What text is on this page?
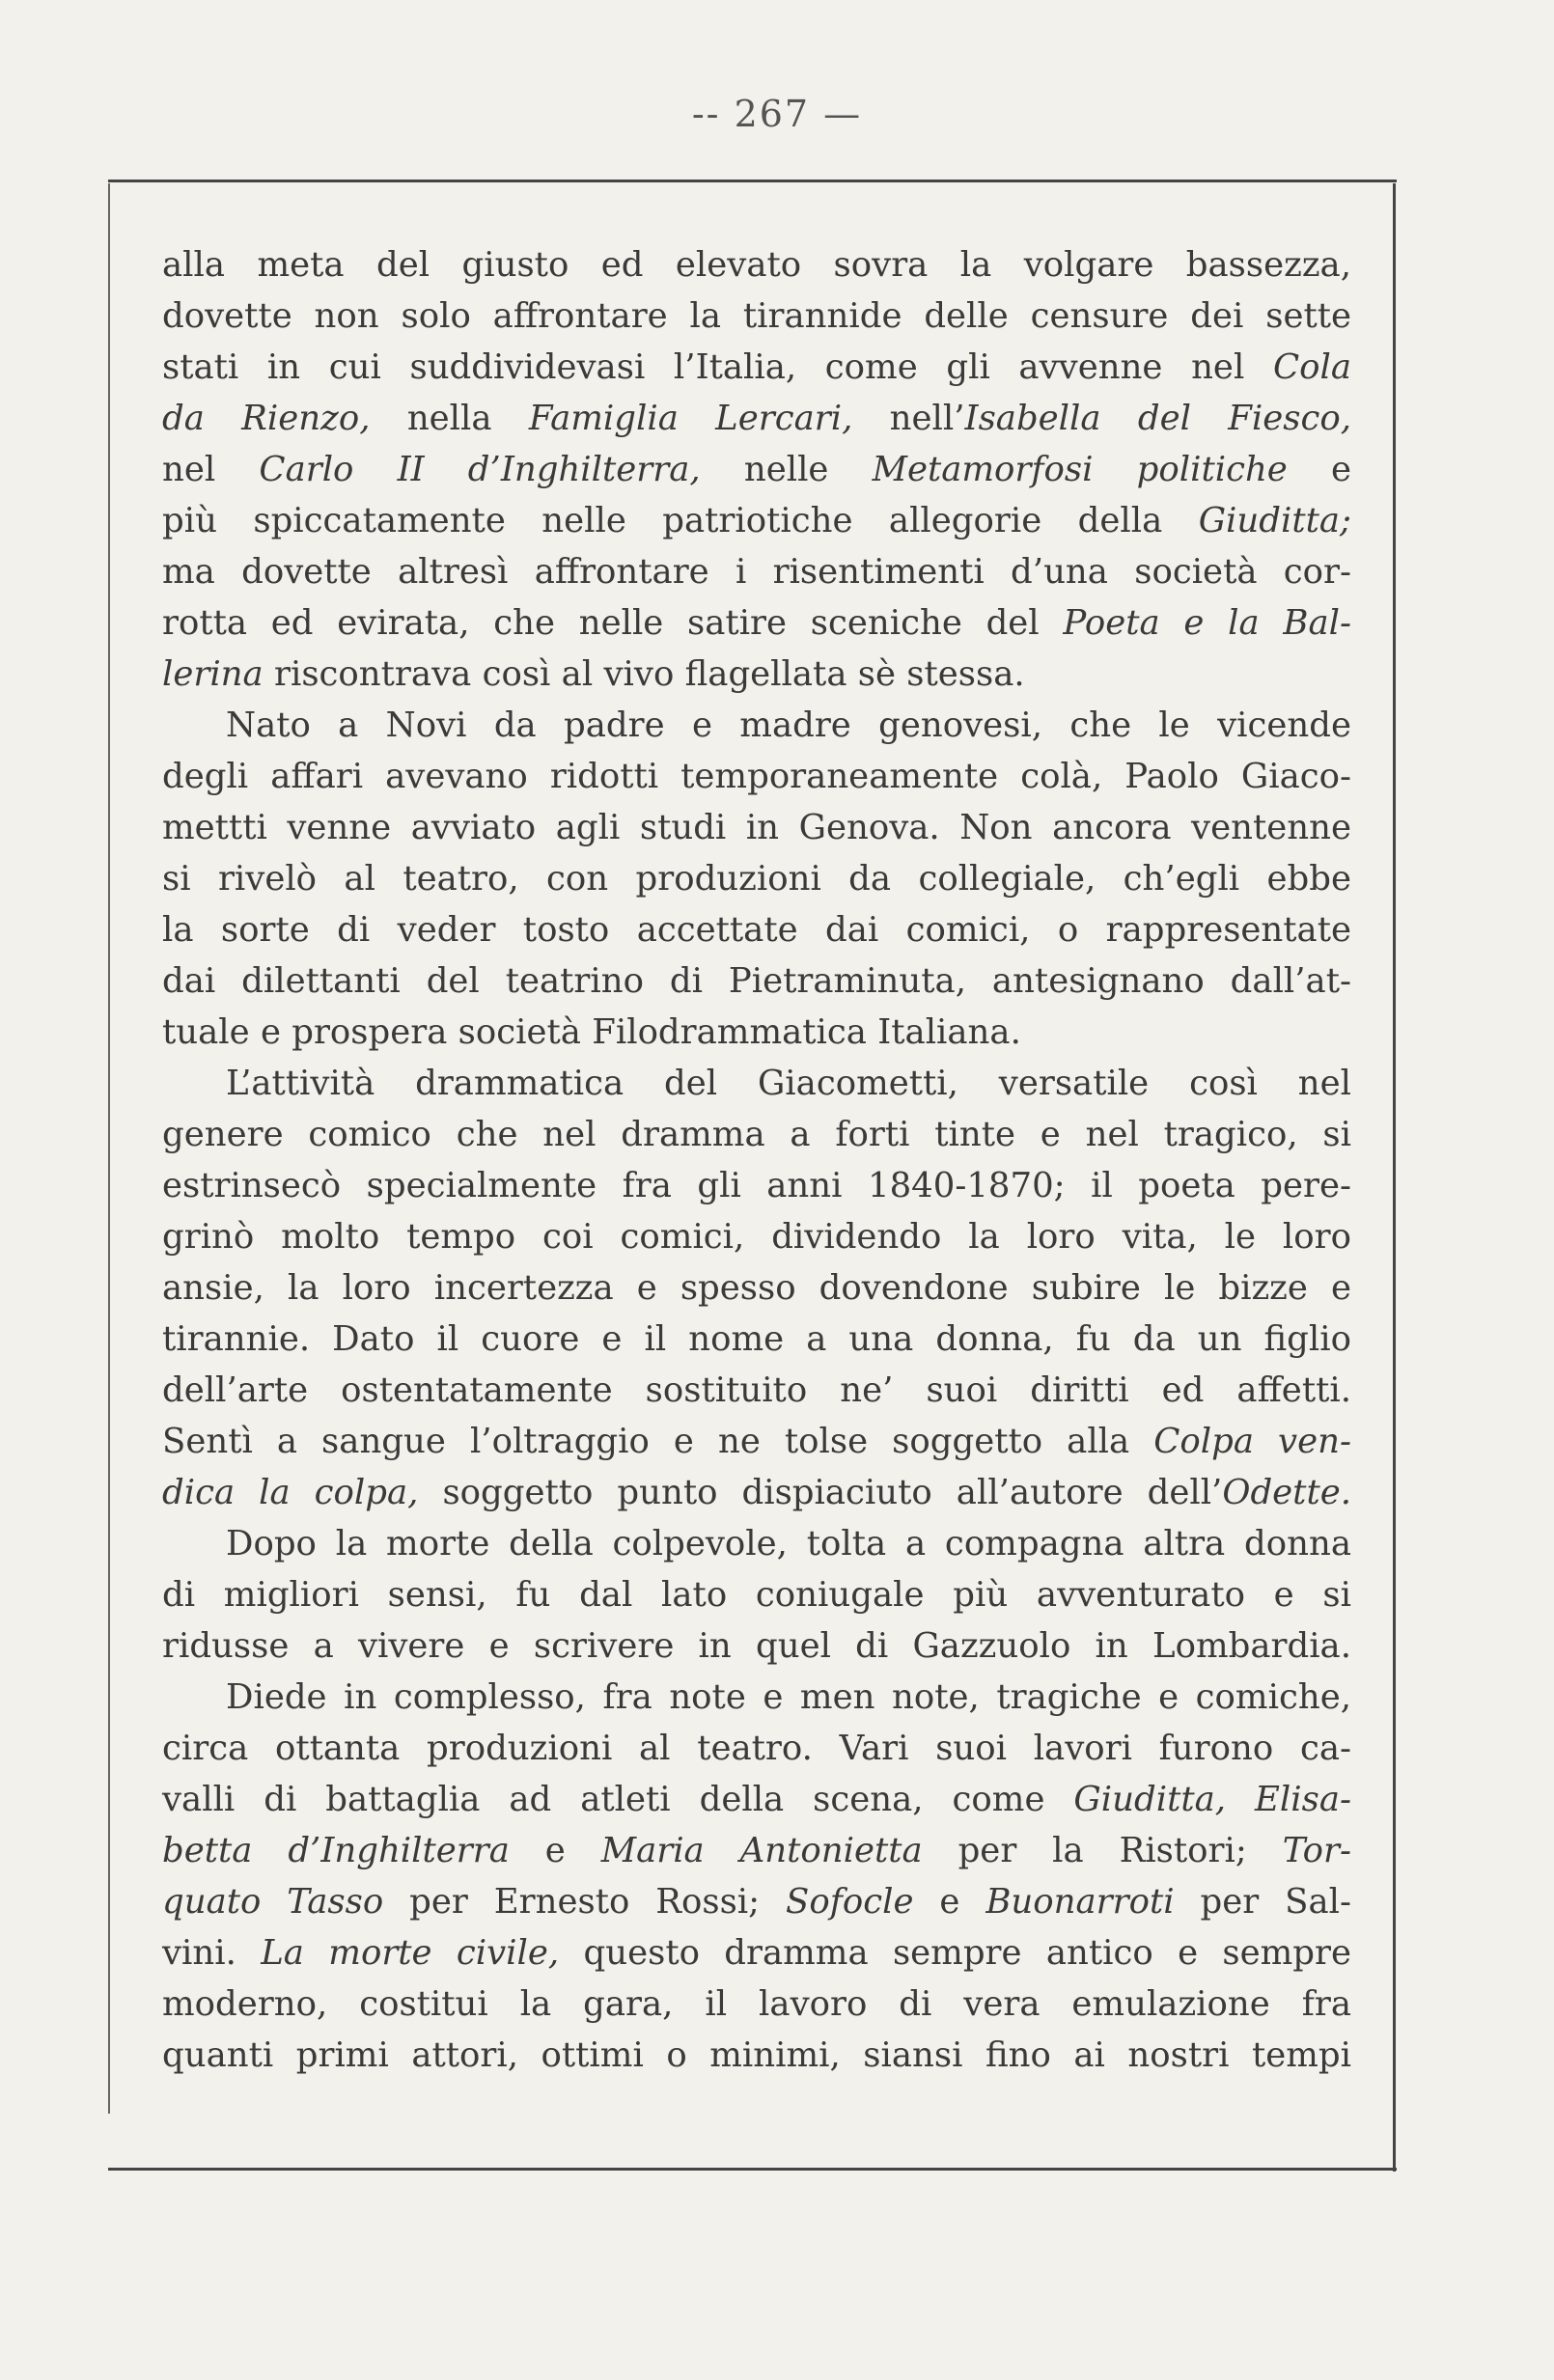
-- 267 —
alla meta del giusto ed elevato sovra la volgare bassezza,
dovette non solo affrontare la tirannide delle censure dei sette
stati in cui suddividevasi l’Italia, come gli avvenne nel Cola
da Rienzo, nella Famiglia Lercari, nell’Isabella del Fiesco,
nel Carlo II d’Inghilterra, nelle Metamorfosi politiche e
più spiccatamente nelle patriotiche allegorie della Giuditta;
ma dovette altresì affrontare i risentimenti d’una società cor-
rotta ed evirata, che nelle satire sceniche del Poeta e la Bal-
lerina riscontrava così al vivo flagellata sè stessa.
Nato a Novi da padre e madre genovesi, che le vicende
degli affari avevano ridotti temporaneamente colà, Paolo Giaco-
mettti venne avviato agli studi in Genova. Non ancora ventenne
si rivelò al teatro, con produzioni da collegiale, ch’egli ebbe
la sorte di veder tosto accettate dai comici, o rappresentate
dai dilettanti del teatrino di Pietraminuta, antesignano dall’at-
tuale e prospera società Filodrammatica Italiana.
L’attività drammatica del Giacometti, versatile così nel
genere comico che nel dramma a forti tinte e nel tragico, si
estrinsecò specialmente fra gli anni 1840-1870; il poeta pere-
grinò molto tempo coi comici, dividendo la loro vita, le loro
ansie, la loro incertezza e spesso dovendone subire le bizze e
tirannie. Dato il cuore e il nome a una donna, fu da un figlio
dell’arte ostentatamente sostituito ne’ suoi diritti ed affetti.
Sentì a sangue l’oltraggio e ne tolse soggetto alla Colpa ven-
dica la colpa, soggetto punto dispiaciuto all’autore dell’Odette.
Dopo la morte della colpevole, tolta a compagna altra donna
di migliori sensi, fu dal lato coniugale più avventurato e si
ridusse a vivere e scrivere in quel di Gazzuolo in Lombardia.
Diede in complesso, fra note e men note, tragiche e comiche,
circa ottanta produzioni al teatro. Vari suoi lavori furono ca-
valli di battaglia ad atleti della scena, come Giuditta, Elisa-
betta d’Inghilterra e Maria Antonietta per la Ristori; Tor-
quato Tasso per Ernesto Rossi; Sofocle e Buonarroti per Sal-
vini. La morte civile, questo dramma sempre antico e sempre
moderno, costitui la gara, il lavoro di vera emulazione fra
quanti primi attori, ottimi o minimi, siansi fino ai nostri tempi
